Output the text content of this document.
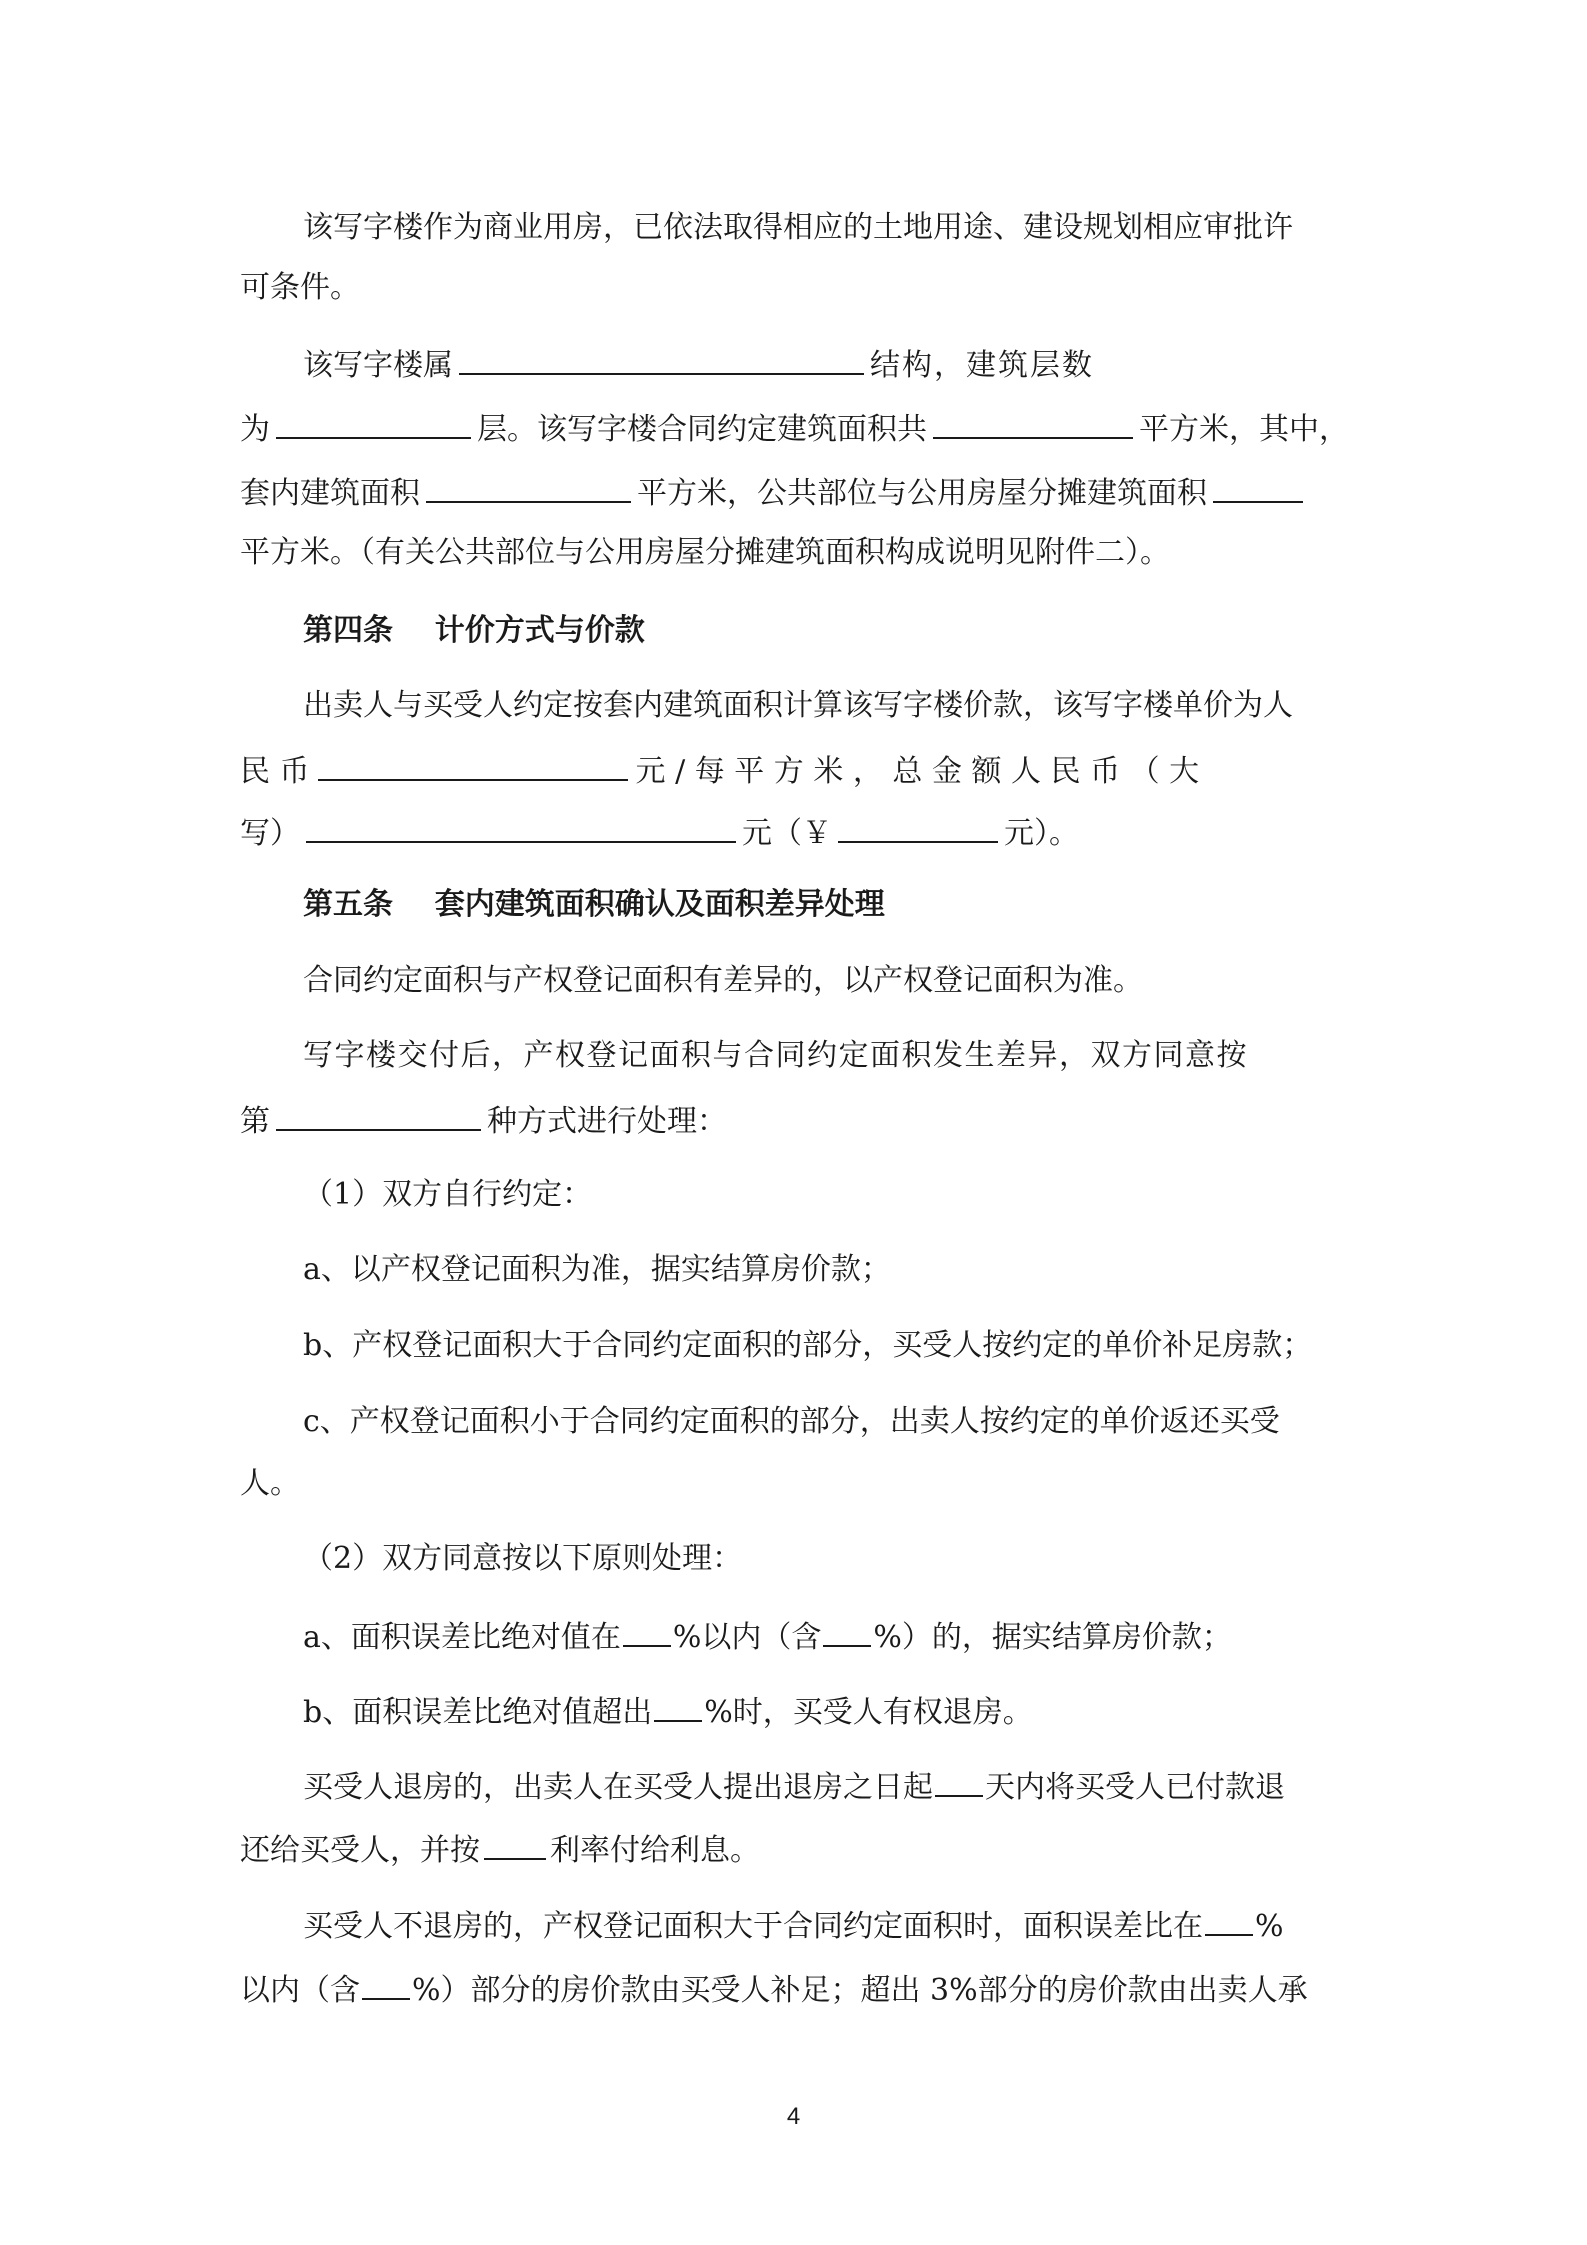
该写字楼作为商业用房，已依法取得相应的土地用途、建设规划相应审批许
可条件。
该写字楼属	结构，建筑层数
为	层。该写字楼合同约定建筑面积共	平方米，其中，
套内建筑面积	平方米，公共部位与公用房屋分摊建筑面积
平方米。（有关公共部位与公用房屋分摊建筑面积构成说明见附件二）。
第四条    计价方式与价款
出卖人与买受人约定按套内建筑面积计算该写字楼价款，该写字楼单价为人
民 币	元 / 每 平 方 米 ， 总 金 额 人 民 币 （ 大
写）	元（￥	元）。
第五条    套内建筑面积确认及面积差异处理
合同约定面积与产权登记面积有差异的，以产权登记面积为准。
写字楼交付后，产权登记面积与合同约定面积发生差异，双方同意按
第	种方式进行处理：
（1）双方自行约定：
a、以产权登记面积为准，据实结算房价款；
b、产权登记面积大于合同约定面积的部分，买受人按约定的单价补足房款；
c、产权登记面积小于合同约定面积的部分，出卖人按约定的单价返还买受
人。
（2）双方同意按以下原则处理：
a、面积误差比绝对值在 %以内（含 %）的，据实结算房价款；
b、面积误差比绝对值超出 %时，买受人有权退房。
买受人退房的，出卖人在买受人提出退房之日起 天内将买受人已付款退
还给买受人，并按 利率付给利息。
买受人不退房的，产权登记面积大于合同约定面积时，面积误差比在 %
以内（含 %）部分的房价款由买受人补足；超出 3%部分的房价款由出卖人承
4
